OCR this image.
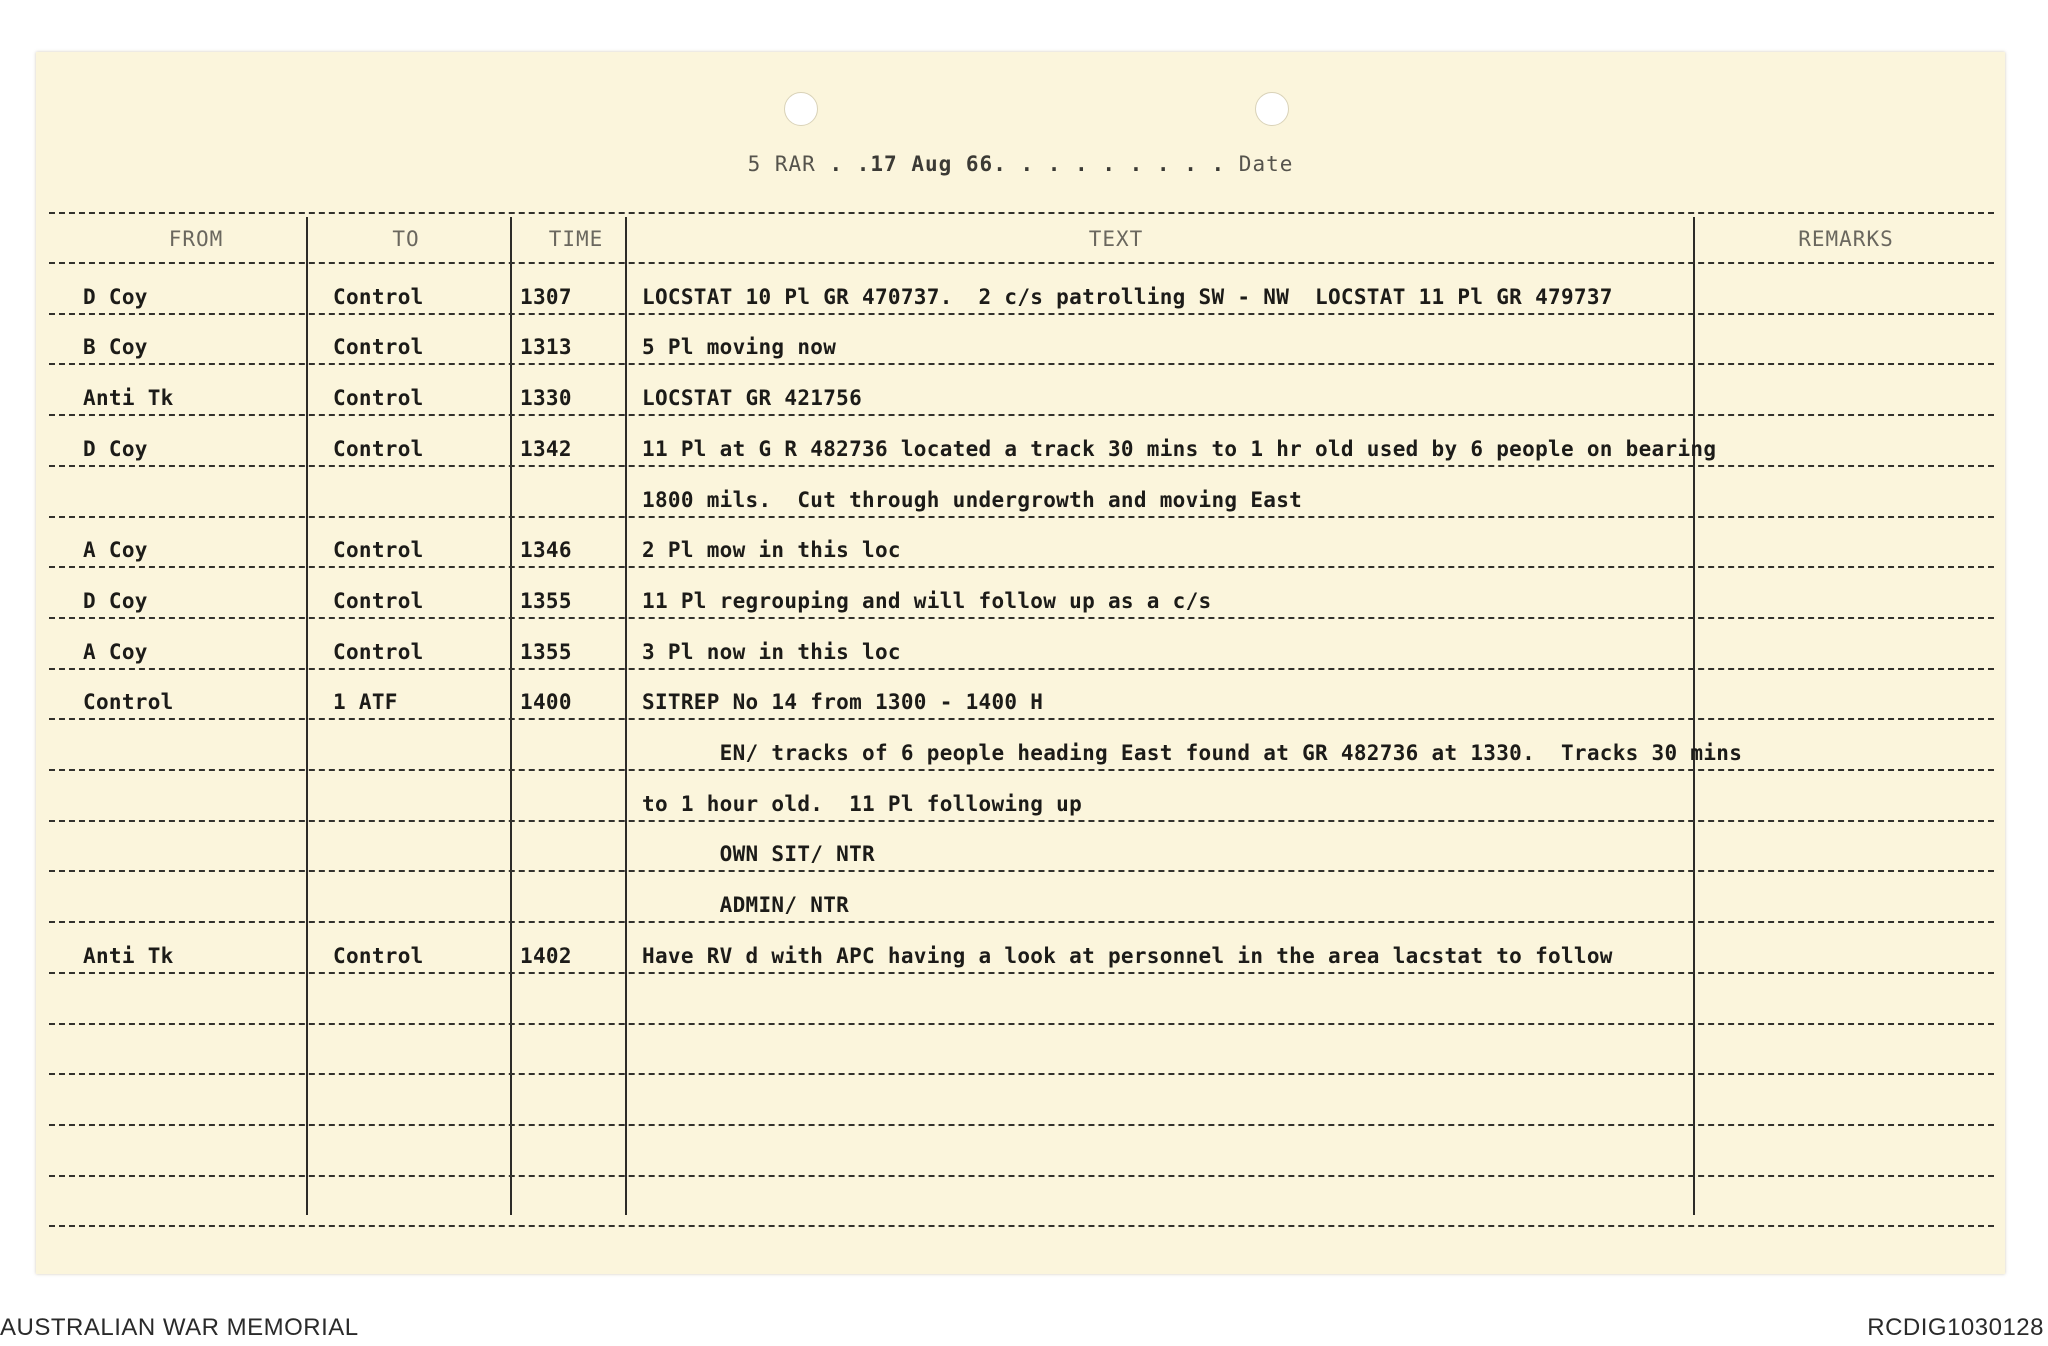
5 RAR . .17 Aug 66. . . . . . . . . Date
FROM	TO	TIME	TEXT	REMARKS
D Coy	Control	1307	LOCSTAT 10 Pl GR 470737.  2 c/s patrolling SW - NW  LOCSTAT 11 Pl GR 479737
B Coy	Control	1313	5 Pl moving now
Anti Tk	Control	1330	LOCSTAT GR 421756
D Coy	Control	1342	11 Pl at G R 482736 located a track 30 mins to 1 hr old used by 6 people on bearing
1800 mils.  Cut through undergrowth and moving East
A Coy	Control	1346	2 Pl mow in this loc
D Coy	Control	1355	11 Pl regrouping and will follow up as a c/s
A Coy	Control	1355	3 Pl now in this loc
Control	1 ATF	1400	SITREP No 14 from 1300 - 1400 H
EN/ tracks of 6 people heading East found at GR 482736 at 1330.  Tracks 30 mins
to 1 hour old.  11 Pl following up
OWN SIT/ NTR
ADMIN/ NTR
Anti Tk	Control	1402	Have RV d with APC having a look at personnel in the area lacstat to follow
AUSTRALIAN WAR MEMORIAL	RCDIG1030128
